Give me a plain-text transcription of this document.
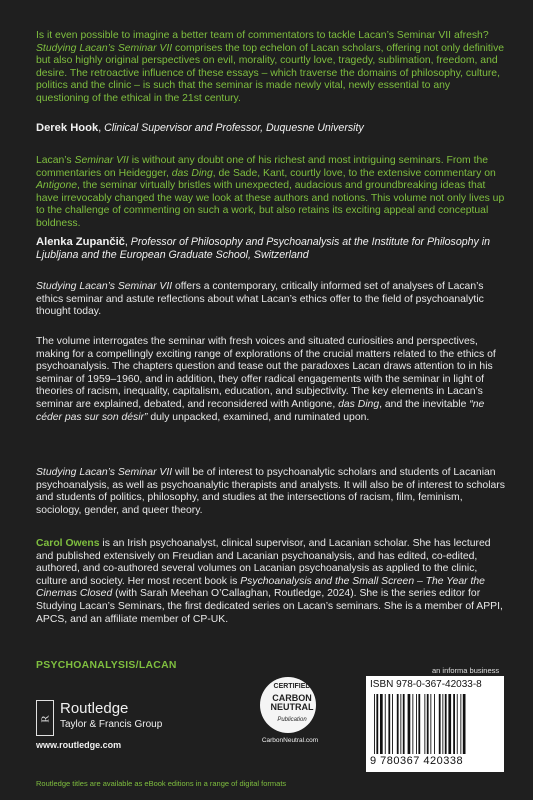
Is it even possible to imagine a better team of commentators to tackle Lacan’s Seminar VII afresh? Studying Lacan’s Seminar VII comprises the top echelon of Lacan scholars, offering not only definitive but also highly original perspectives on evil, morality, courtly love, tragedy, sublimation, freedom, and desire. The retroactive influence of these essays – which traverse the domains of philosophy, culture, politics and the clinic – is such that the seminar is made newly vital, newly essential to any questioning of the ethical in the 21st century.
Derek Hook, Clinical Supervisor and Professor, Duquesne University
Lacan’s Seminar VII is without any doubt one of his richest and most intriguing seminars. From the commentaries on Heidegger, das Ding, de Sade, Kant, courtly love, to the extensive commentary on Antigone, the seminar virtually bristles with unexpected, audacious and groundbreaking ideas that have irrevocably changed the way we look at these authors and notions. This volume not only lives up to the challenge of commenting on such a work, but also retains its exciting appeal and conceptual boldness.
Alenka Zupančič, Professor of Philosophy and Psychoanalysis at the Institute for Philosophy in Ljubljana and the European Graduate School, Switzerland
Studying Lacan’s Seminar VII offers a contemporary, critically informed set of analyses of Lacan’s ethics seminar and astute reflections about what Lacan’s ethics offer to the field of psychoanalytic thought today.
The volume interrogates the seminar with fresh voices and situated curiosities and perspectives, making for a compellingly exciting range of explorations of the crucial matters related to the ethics of psychoanalysis. The chapters question and tease out the paradoxes Lacan draws attention to in his seminar of 1959–1960, and in addition, they offer radical engagements with the seminar in light of theories of racism, inequality, capitalism, education, and subjectivity. The key elements in Lacan’s seminar are explained, debated, and reconsidered with Antigone, das Ding, and the inevitable “ne céder pas sur son désir” duly unpacked, examined, and ruminated upon.
Studying Lacan’s Seminar VII will be of interest to psychoanalytic scholars and students of Lacanian psychoanalysis, as well as psychoanalytic therapists and analysts. It will also be of interest to scholars and students of politics, philosophy, and studies at the intersections of racism, film, feminism, sociology, gender, and queer theory.
Carol Owens is an Irish psychoanalyst, clinical supervisor, and Lacanian scholar. She has lectured and published extensively on Freudian and Lacanian psychoanalysis, and has edited, co-edited, authored, and co-authored several volumes on Lacanian psychoanalysis as applied to the clinic, culture and society. Her most recent book is Psychoanalysis and the Small Screen – The Year the Cinemas Closed (with Sarah Meehan O’Callaghan, Routledge, 2024). She is the series editor for Studying Lacan’s Seminars, the first dedicated series on Lacan’s seminars. She is a member of APPI, APCS, and an affiliate member of CP-UK.
PSYCHOANALYSIS/LACAN
R
Routledge
Taylor & Francis Group
www.routledge.com
CERTIFIED
CARBON NEUTRAL
Publication
CarbonNeutral.com
an informa business
ISBN 978-0-367-42033-8
9 780367 420338
Routledge titles are available as eBook editions in a range of digital formats
